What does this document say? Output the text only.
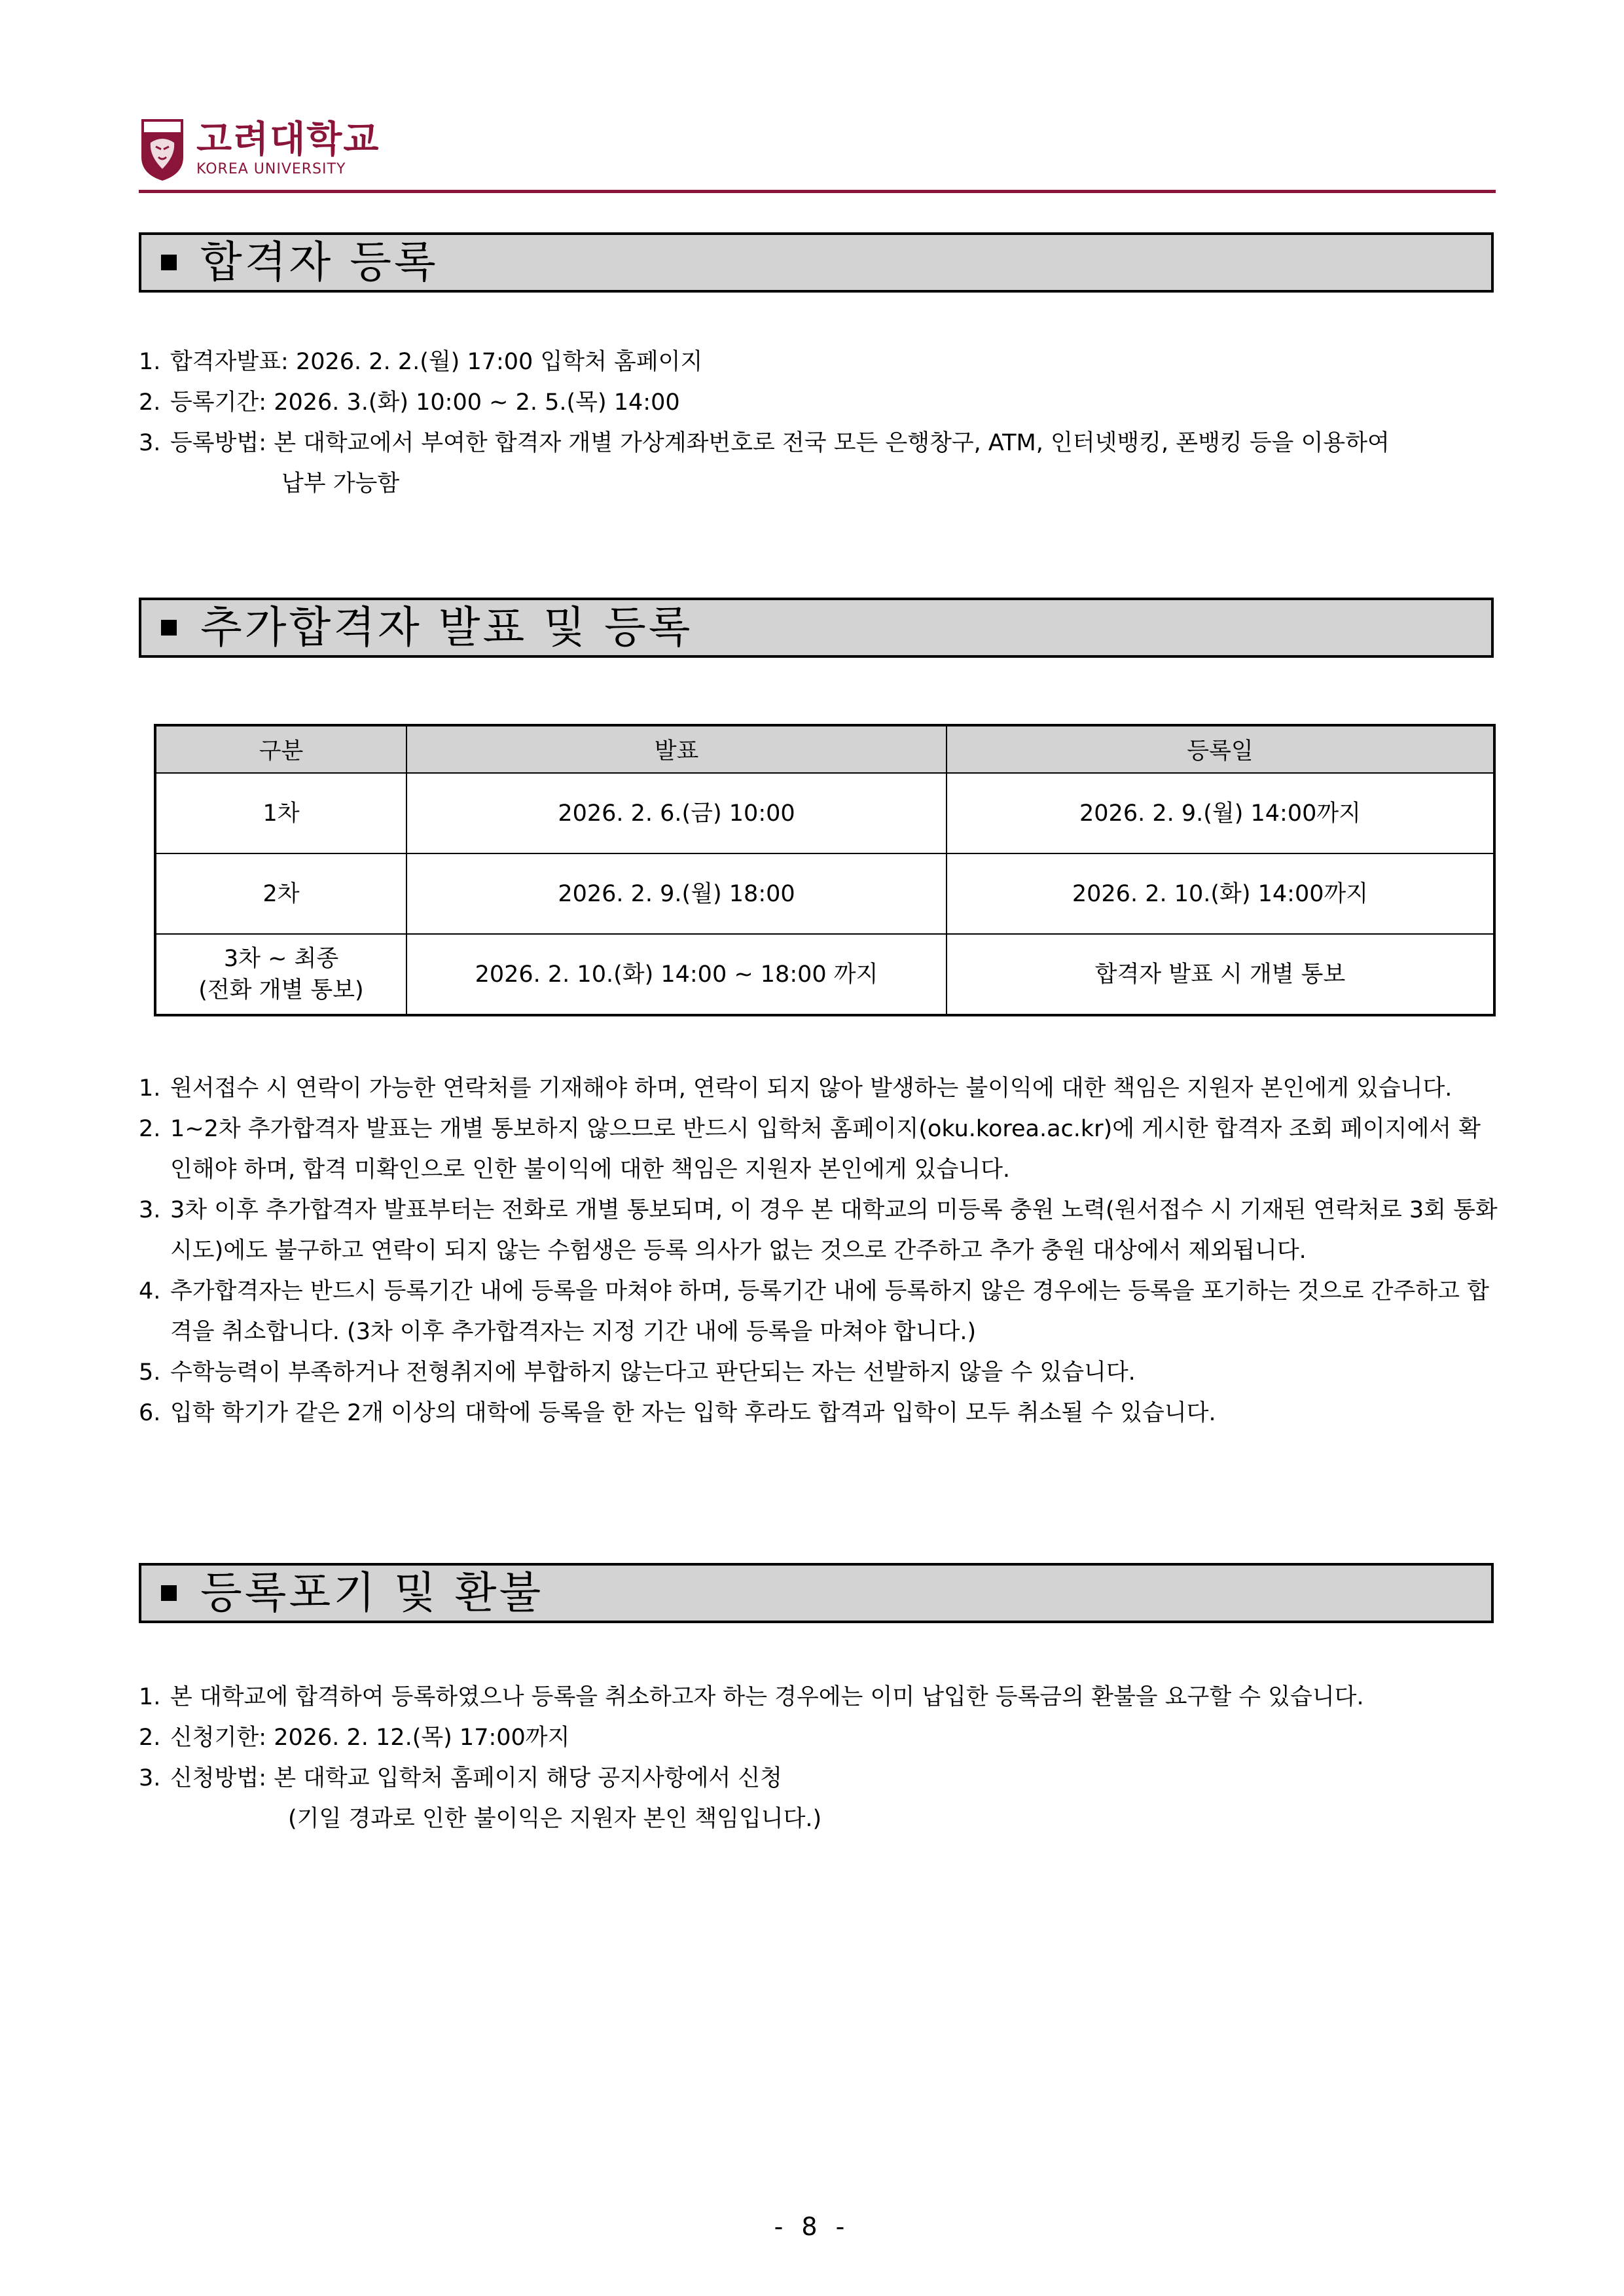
고려대학교
KOREA UNIVERSITY
합격자 등록
1. 합격자발표: 2026. 2. 2.(월) 17:00 입학처 홈페이지
2. 등록기간: 2026. 3.(화) 10:00 ~ 2. 5.(목) 14:00
3. 등록방법: 본 대학교에서 부여한 합격자 개별 가상계좌번호로 전국 모든 은행창구, ATM, 인터넷뱅킹, 폰뱅킹 등을 이용하여
납부 가능함
추가합격자 발표 및 등록
구분	발표	등록일
1차	2026. 2. 6.(금) 10:00	2026. 2. 9.(월) 14:00까지
2차	2026. 2. 9.(월) 18:00	2026. 2. 10.(화) 14:00까지

3차 ~ 최종
(전화 개별 통보)	2026. 2. 10.(화) 14:00 ~ 18:00 까지	합격자 발표 시 개별 통보
1. 원서접수 시 연락이 가능한 연락처를 기재해야 하며, 연락이 되지 않아 발생하는 불이익에 대한 책임은 지원자 본인에게 있습니다.
2. 1~2차 추가합격자 발표는 개별 통보하지 않으므로 반드시 입학처 홈페이지(oku.korea.ac.kr)에 게시한 합격자 조회 페이지에서 확인해야 하며, 합격 미확인으로 인한 불이익에 대한 책임은 지원자 본인에게 있습니다.
3. 3차 이후 추가합격자 발표부터는 전화로 개별 통보되며, 이 경우 본 대학교의 미등록 충원 노력(원서접수 시 기재된 연락처로 3회 통화 시도)에도 불구하고 연락이 되지 않는 수험생은 등록 의사가 없는 것으로 간주하고 추가 충원 대상에서 제외됩니다.
4. 추가합격자는 반드시 등록기간 내에 등록을 마쳐야 하며, 등록기간 내에 등록하지 않은 경우에는 등록을 포기하는 것으로 간주하고 합격을 취소합니다. (3차 이후 추가합격자는 지정 기간 내에 등록을 마쳐야 합니다.)
5. 수학능력이 부족하거나 전형취지에 부합하지 않는다고 판단되는 자는 선발하지 않을 수 있습니다.
6. 입학 학기가 같은 2개 이상의 대학에 등록을 한 자는 입학 후라도 합격과 입학이 모두 취소될 수 있습니다.
등록포기 및 환불
1. 본 대학교에 합격하여 등록하였으나 등록을 취소하고자 하는 경우에는 이미 납입한 등록금의 환불을 요구할 수 있습니다.
2. 신청기한: 2026. 2. 12.(목) 17:00까지
3. 신청방법: 본 대학교 입학처 홈페이지 해당 공지사항에서 신청
(기일 경과로 인한 불이익은 지원자 본인 책임입니다.)
- 8 -
